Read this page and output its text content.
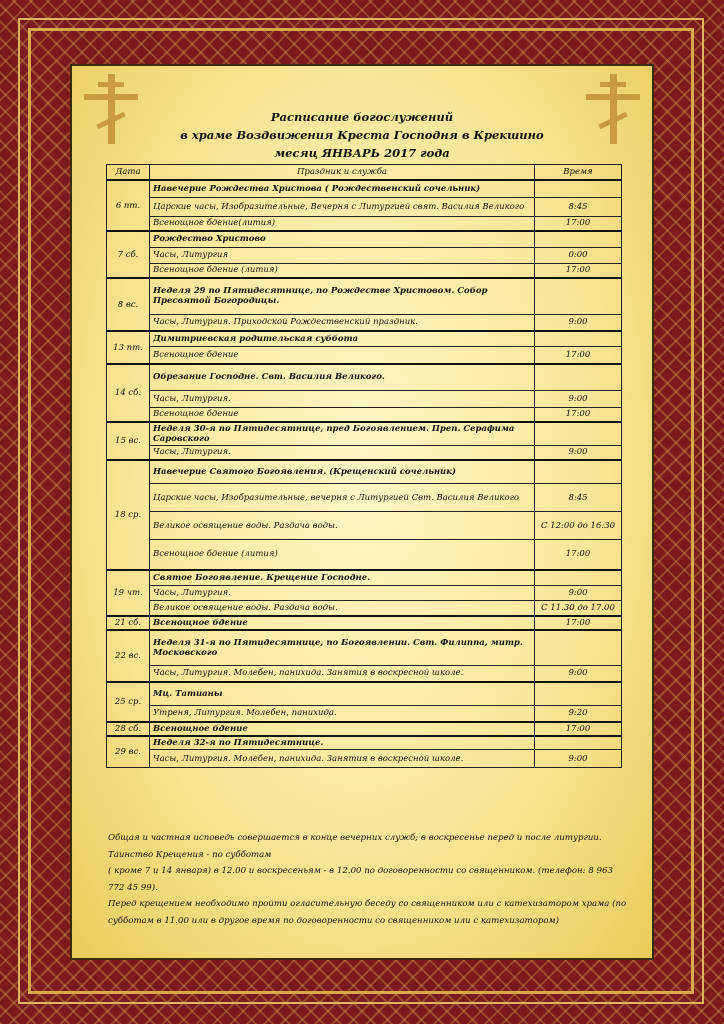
Расписание богослужений
в храме Воздвижения Креста Господня в Крекшино
месяц ЯНВАРЬ 2017 года
Дата	Праздник и служба	Время
6 пт.	Навечерие Рождества Христова ( Рождественский сочельник)	
	Царские часы, Изобразительные, Вечерня с Литургией свят. Василия Великого	8:45
	Всенощное бдение(лития)	17:00
7 сб.	Рождество Христово	
	Часы, Литургия	0:00
	Всенощное бдение (лития)	17:00
8 вс.	Неделя 29 по Пятидесятнице, по Рождестве Христовом. Собор Пресвятой Богородицы.	
	Часы, Литургия. Приходской Рождественский праздник.	9:00
13 пт.	Димитриевская родительская суббота	
	Всенощное бдение	17:00
14 сб.	Обрезание Господне. Свт. Василия Великого.	
	Часы, Литургия.	9:00
	Всенощное бдение	17:00
15 вс.	Неделя 30-я по Пятидесятнице, пред Богоявлением. Преп. Серафима Саровского	
	Часы, Литургия.	9:00
18 ср.	Навечерие Святого Богоявления. (Крещенский сочельник)	
	Царские часы, Изобразительные, вечерня с Литургией Свт. Василия Великого	8:45
	Великое освящение воды. Раздача воды.	С 12:00 до 16:30
	Всенощное бдение (лития)	17:00
19 чт.	Святое Богоявление. Крещение Господне.	
	Часы, Литургия.	9:00
	Великое освящение воды. Раздача воды.	С 11.30 до 17.00
21 сб.	Всенощное бдение	17:00
22 вс.	Неделя 31-я по Пятидесятнице, по Богоявлении. Свт. Филиппа, митр. Московского	
	Часы, Литургия. Молебен, панихида. Занятия в воскресной школе.	9:00
25 ср.	Мц. Татианы	
	Утреня, Литургия. Молебен, панихида.	9:20
28 сб.	Всенощное бдение	17:00
29 вс.	Неделя 32-я по Пятидесятнице.	
	Часы, Литургия. Молебен, панихида. Занятия в воскресной школе.	9:00

Общая и частная исповедь совершается в конце вечерних служб; в воскресенье перед и после литургии.

Таинство Крещения - по субботам

( кроме 7 и 14 января) в 12.00 и воскресеньям - в 12.00 по договоренности со священником. (телефон: 8 963 772 45 99).

Перед крещением необходимо пройти огласительную беседу со священником или с катехизатором храма (по субботам в 11.00 или в другое время по договоренности со священником или с катехизатором)
